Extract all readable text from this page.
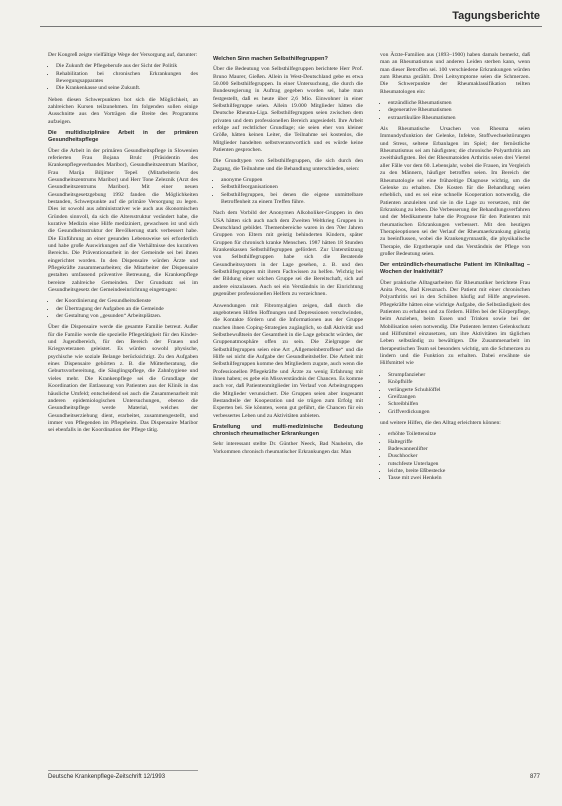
Tagungsberichte

Der Kongreß zeigte vielfältige Wege der Versorgung auf, darunter:

• Die Zukunft der Pflegeberufe aus der Sicht der Politik
• Rehabilitation bei chronischen Erkrankungen des Bewegungsapparates
• Die Krankenkasse und seine Zukunft.

Neben diesen Schwerpunkten bot sich die Möglichkeit, an zahlreichen Kursen teilzunehmen. Im folgenden sollen einige Ausschnitte aus den Vorträgen die Breite des Programms aufzeigen.

Die multidisziplinäre Arbeit in der primären Gesundheitspflege

Über die Arbeit in der primären Gesundheitspflege in Slowenien referierten Frau Bojana Brulc (Präsidentin des Krankenpflegeverbandes Maribor), Gesundheitszentrum Maribor, Frau Marija Biljimer Tepeš (Mitarbeiterin des Gesundheitszentrums Maribor) und Herr Tone Zeleznik (Arzt des Gesundheitszentrums Maribor). Mit einer neuen Gesundheitsgesetzgebung 1992 fanden die Möglichkeiten bestanden, Schwerpunkte auf die primäre Versorgung zu legen. Dies ist sowohl aus administrativer wie auch aus ökonomischen Gründen sinnvoll, da sich die Altersstruktur verändert habe, die kurative Medizin eine Hilfe mediziniert, gewachsen ist und sich die Gesundheitsstruktur der Bevölkerung stark verbessert habe. Die Einführung an einer gesunden Lebensweise sei erforderlich und habe große Auswirkungen auf die Verhältnisse des kurativen Bereichs. Die Präventionsarbeit in der Gemeinde sei bei ihnen eingerichtet worden. In den Dispensaire würden Ärzte und Pflegekräfte zusammenarbeiten; die Mitarbeiter der Dispensaire gestalten umfassend präventive Betreuung, die Krankenpflege bereiste zahlreiche Gemeinden. Der Grundsatz sei im Gesundheitsgesetz der Gemeindeeinrichtung eingetragen:

• der Koordinierung der Gesundheitsdienste
• der Übertragung der Aufgaben an die Gemeinde
• der Gestaltung von „gesunden“ Arbeitsplätzen.

Über die Dispensaire werde die gesamte Familie betreut. Außer für die Familie werde die spezielle Pflegetätigkeit für den Kinder- und Jugendbereich, für den Bereich der Frauen und Kriegsveteranen geleistet. Es würden sowohl physische, psychische wie soziale Belange berücksichtigt. Zu den Aufgaben eines Dispensaire gehörten z. B. die Mütterberatung, die Geburtsvorbereitung, die Säuglingspflege, die Zahnhygiene und vieles mehr. Die Krankenpflege sei die Grundlage der Koordination der Entlassung von Patienten aus der Klinik in das häusliche Umfeld; entscheidend sei auch die Zusammenarbeit mit anderen epidemiologischen Untersuchungen, ebenso die Gesundheitspflege werde Material, welches der Gesundheitserziehung dient, erarbeitet, zusammengestellt, und immer von Pflegenden im Pflegeheim. Das Dispensaire Maribor sei ebenfalls in der Koordination der Pflege tätig.

Welchen Sinn machen Selbsthilfegruppen?

Über die Bedeutung von Selbsthilfegruppen berichtete Herr Prof. Bruno Maurer, Gießen. Allein in West-Deutschland gebe es etwa 50.000 Selbsthilfegruppen. In einer Untersuchung, die durch die Bundesregierung in Auftrag gegeben worden sei, habe man festgestellt, daß es heute über 2,6 Mio. Einwohner in einer Selbsthilfegruppe seien. Allein 19.000 Mitglieder hätten die Deutsche Rheuma-Liga. Selbsthilfegruppen seien zwischen dem privaten und dem professionellen Bereich angesiedelt. Ihre Arbeit erfolge auf rechtlicher Grundlage; sie seien eher von kleiner Größe, hätten keinen Leiter, die Teilnahme sei kostenlos, die Mitglieder handelten selbstverantwortlich und es würde keine Patienten gesprochen.

Die Grundtypen von Selbsthilfegruppen, die sich durch den Zugang, die Teilnahme und die Behandlung unterschieden, seien:

• anonyme Gruppen
• Selbsthilfeorganisationen
• Selbsthilfegruppen, bei denen die eigene unmittelbare Betroffenheit zu einem Treffen führe.

Nach dem Vorbild der Anonymen Alkoholiker-Gruppen in den USA hätten sich auch nach dem Zweiten Weltkrieg Gruppen in Deutschland gebildet. Themenbereiche waren in den 70er Jahren Gruppen von Eltern mit geistig behinderten Kindern, später Gruppen für chronisch kranke Menschen. 1987 hätten 18 Stunden Krankenkassen Selbsthilfegruppen gefördert. Zur Unterstützung von Selbsthilfegruppen habe sich die Beratende Gesundheitssystem in der Lage gesehen, z. B. und den Selbsthilfegruppen mit ihrem Fachwissen zu helfen. Wichtig bei der Bildung einer solchen Gruppe sei die Bereitschaft, sich auf andere einzulassen. Auch sei ein Verständnis in der Einrichtung gegenüber professionellen Helfern zu verzeichnen.

Anwendungen mit Fibromyalgien zeigen, daß durch die angebotenen Hilfen Hoffnungen und Depressionen verschwinden, die Kontakte fördern und die Informationen aus der Gruppe machen ihnen Coping-Strategien zugänglich, so daß Aktivität und Selbstbewußtsein der Gesamtheit in die Lage gebracht würden, der Gruppenatmosphäre offen zu sein. Die Zielgruppe der Selbsthilfegruppen seien eine Art „Allgemeinbetroffene“ und die Hilfe sei nicht die Aufgabe der Gesundheitshelfer. Die Arbeit mit Selbsthilfegruppen komme den Mitgliedern zugute, auch wenn die Professionellen Pflegekräfte und Ärzte zu wenig Erfahrung mit ihnen haben; es gebe ein Missverständnis der Chancen. Es komme auch vor, daß Patientenmitglieder im Verlauf von Arbeitsgruppen die Mitglieder verunsichert. Die Gruppen seien aber insgesamt Bestandteile der Kooperation und sie trügen zum Erfolg mit Experten bei. Sie könnten, wenn gut geführt, die Chancen für ein verbessertes Leben und zu Aktivitäten anbieten.

Erstellung und multi-medizinische Bedeutung chronisch rheumatischer Erkrankungen

Sehr interessant stellte Dr. Günther Neeck, Bad Nauheim, die Vorkommen chronisch rheumatischer Erkrankungen dar. Man

von Ärzte-Familien aus (1893–1900) haben damals bemerkt, daß man an Rheumatismus und anderen Leiden sterben kann, wenn man dieser Betroffen sei. 100 verschiedene Erkrankungen würden zum Rheuma gezählt. Drei Leitsymptome seien die Schmerzen. Die Schwerpunkte der Rheumaklassifikation teilten Rheumatologen ein:

• entzündliche Rheumatismen
• degenerative Rheumatismen
• extraartikuläre Rheumatismen

Als Rheumatische Ursachen von Rheuma seien Immundysfunktion der Gelenke, Infekte, Stoffwechselstörungen und Stress, seltene Erbanlagen im Spiel; der fernöstliche Rheumatismus sei am häufigsten; die chronische Polyarthritis am zweithäufigsten. Bei der Rheumatoiden Arthritis seien drei Viertel aller Fälle vor dem 60. Lebensjahr, wobei die Frauen, im Vergleich zu den Männern, häufiger betroffen seien. Im Bereich der Rheumatologie sei eine frühzeitige Diagnose wichtig, um die Gelenke zu erhalten. Die Kosten für die Behandlung seien erheblich, und es sei eine schnelle Kooperation notwendig, die Patienten anzuleiten und sie in die Lage zu versetzen, mit der Erkrankung zu leben. Die Verbesserung der Behandlungsverfahren und der Medikamente habe die Prognose für den Patienten mit rheumatischen Erkrankungen verbessert. Mit den heutigen Therapieoptionen sei der Verlauf der Rheumaerkrankung günstig zu beeinflussen, wobei die Krankengymnastik, die physikalische Therapie, die Ergotherapie und das Verständnis der Pflege von großer Bedeutung seien.

Der entzündlich-rheumatische Patient im Klinikalltag – Wochen der Inaktivität?

Über praktische Alltagsarbeiten für Rheumatiker berichtete Frau Anita Poos, Bad Kreuznach. Der Patient mit einer chronischen Polyarthritis sei in den Schüben häufig auf Hilfe angewiesen. Pflegekräfte hätten eine wichtige Aufgabe, die Selbständigkeit des Patienten zu erhalten und zu fördern. Hilfen bei der Körperpflege, beim Anziehen, beim Essen und Trinken sowie bei der Mobilisation seien notwendig. Die Patienten lernten Gelenkschutz und Hilfsmittel einzusetzen, um ihre Aktivitäten im täglichen Leben selbständig zu bewältigen. Die Zusammenarbeit im therapeutischen Team sei besonders wichtig, um die Schmerzen zu lindern und die Funktion zu erhalten. Dabei erwähnte sie Hilfsmittel wie

• Strumpfanzieher
• Knöpfhilfe
• verlängerte Schuhlöffel
• Greifzangen
• Schreibhilfen
• Griffverdickungen

und weitere Hilfen, die den Alltag erleichtern können:

• erhöhte Toilettensitze
• Haltegriffe
• Badewannenlifter
• Duschhocker
• rutschfeste Unterlagen
• leichte, breite Eßbestecke
• Tasse mit zwei Henkeln
Deutsche Krankenpflege-Zeitschrift 12/1993	877
